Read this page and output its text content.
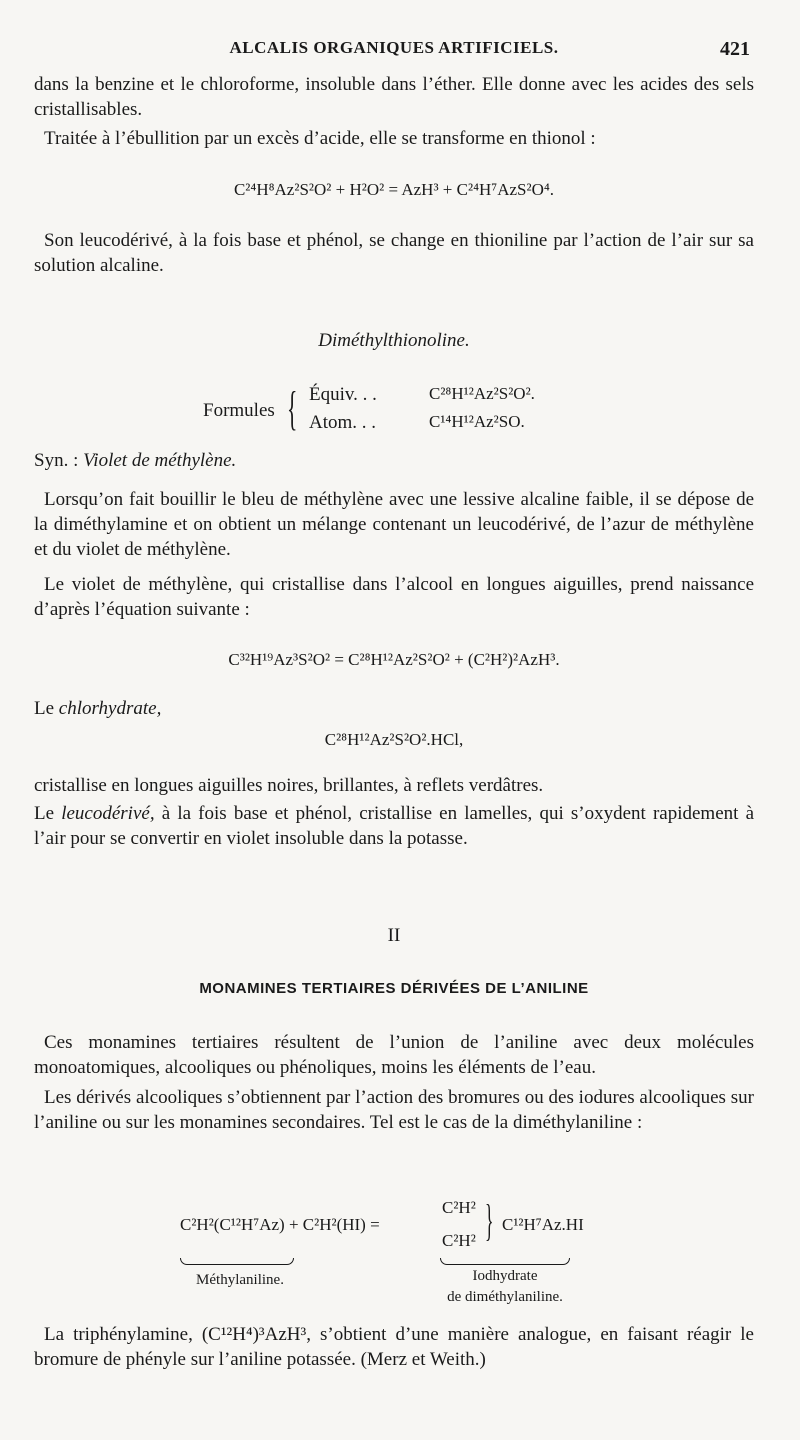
ALCALIS ORGANIQUES ARTIFICIELS.	421
dans la benzine et le chloroforme, insoluble dans l’éther. Elle donne avec les acides des sels cristallisables.
Traitée à l’ébullition par un excès d’acide, elle se transforme en thionol :
C²⁴H⁸Az²S²O² + H²O² = AzH³ + C²⁴H⁷AzS²O⁴.
Son leucodérivé, à la fois base et phénol, se change en thioniline par l’action de l’air sur sa solution alcaline.
Diméthylthionoline.
Formules { Équiv. . .	C²⁸H¹²Az²S²O².
Atom. . .	C¹⁴H¹²Az²SO.
Syn. : Violet de méthylène.
Lorsqu’on fait bouillir le bleu de méthylène avec une lessive alcaline faible, il se dépose de la diméthylamine et on obtient un mélange contenant un leucodérivé, de l’azur de méthylène et du violet de méthylène.
Le violet de méthylène, qui cristallise dans l’alcool en longues aiguilles, prend naissance d’après l’équation suivante :
C³²H¹⁹Az³S²O² = C²⁸H¹²Az²S²O² + (C²H²)²AzH³.
Le chlorhydrate,
C²⁸H¹²Az²S²O².HCl,
cristallise en longues aiguilles noires, brillantes, à reflets verdâtres.
Le leucodérivé, à la fois base et phénol, cristallise en lamelles, qui s’oxydent rapidement à l’air pour se convertir en violet insoluble dans la potasse.
II
MONAMINES TERTIAIRES DÉRIVÉES DE L’ANILINE
Ces monamines tertiaires résultent de l’union de l’aniline avec deux molécules monoatomiques, alcooliques ou phénoliques, moins les éléments de l’eau.
Les dérivés alcooliques s’obtiennent par l’action des bromures ou des iodures alcooliques sur l’aniline ou sur les monamines secondaires. Tel est le cas de la diméthylaniline :
C²H²(C¹²H⁷Az) + C²H²(HI) =
C²H²
C²H² } C¹²H⁷Az.HI
Méthylaniline.	Iodhydrate
de diméthylaniline.
La triphénylamine, (C¹²H⁴)³AzH³, s’obtient d’une manière analogue, en faisant réagir le bromure de phényle sur l’aniline potassée. (Merz et Weith.)
